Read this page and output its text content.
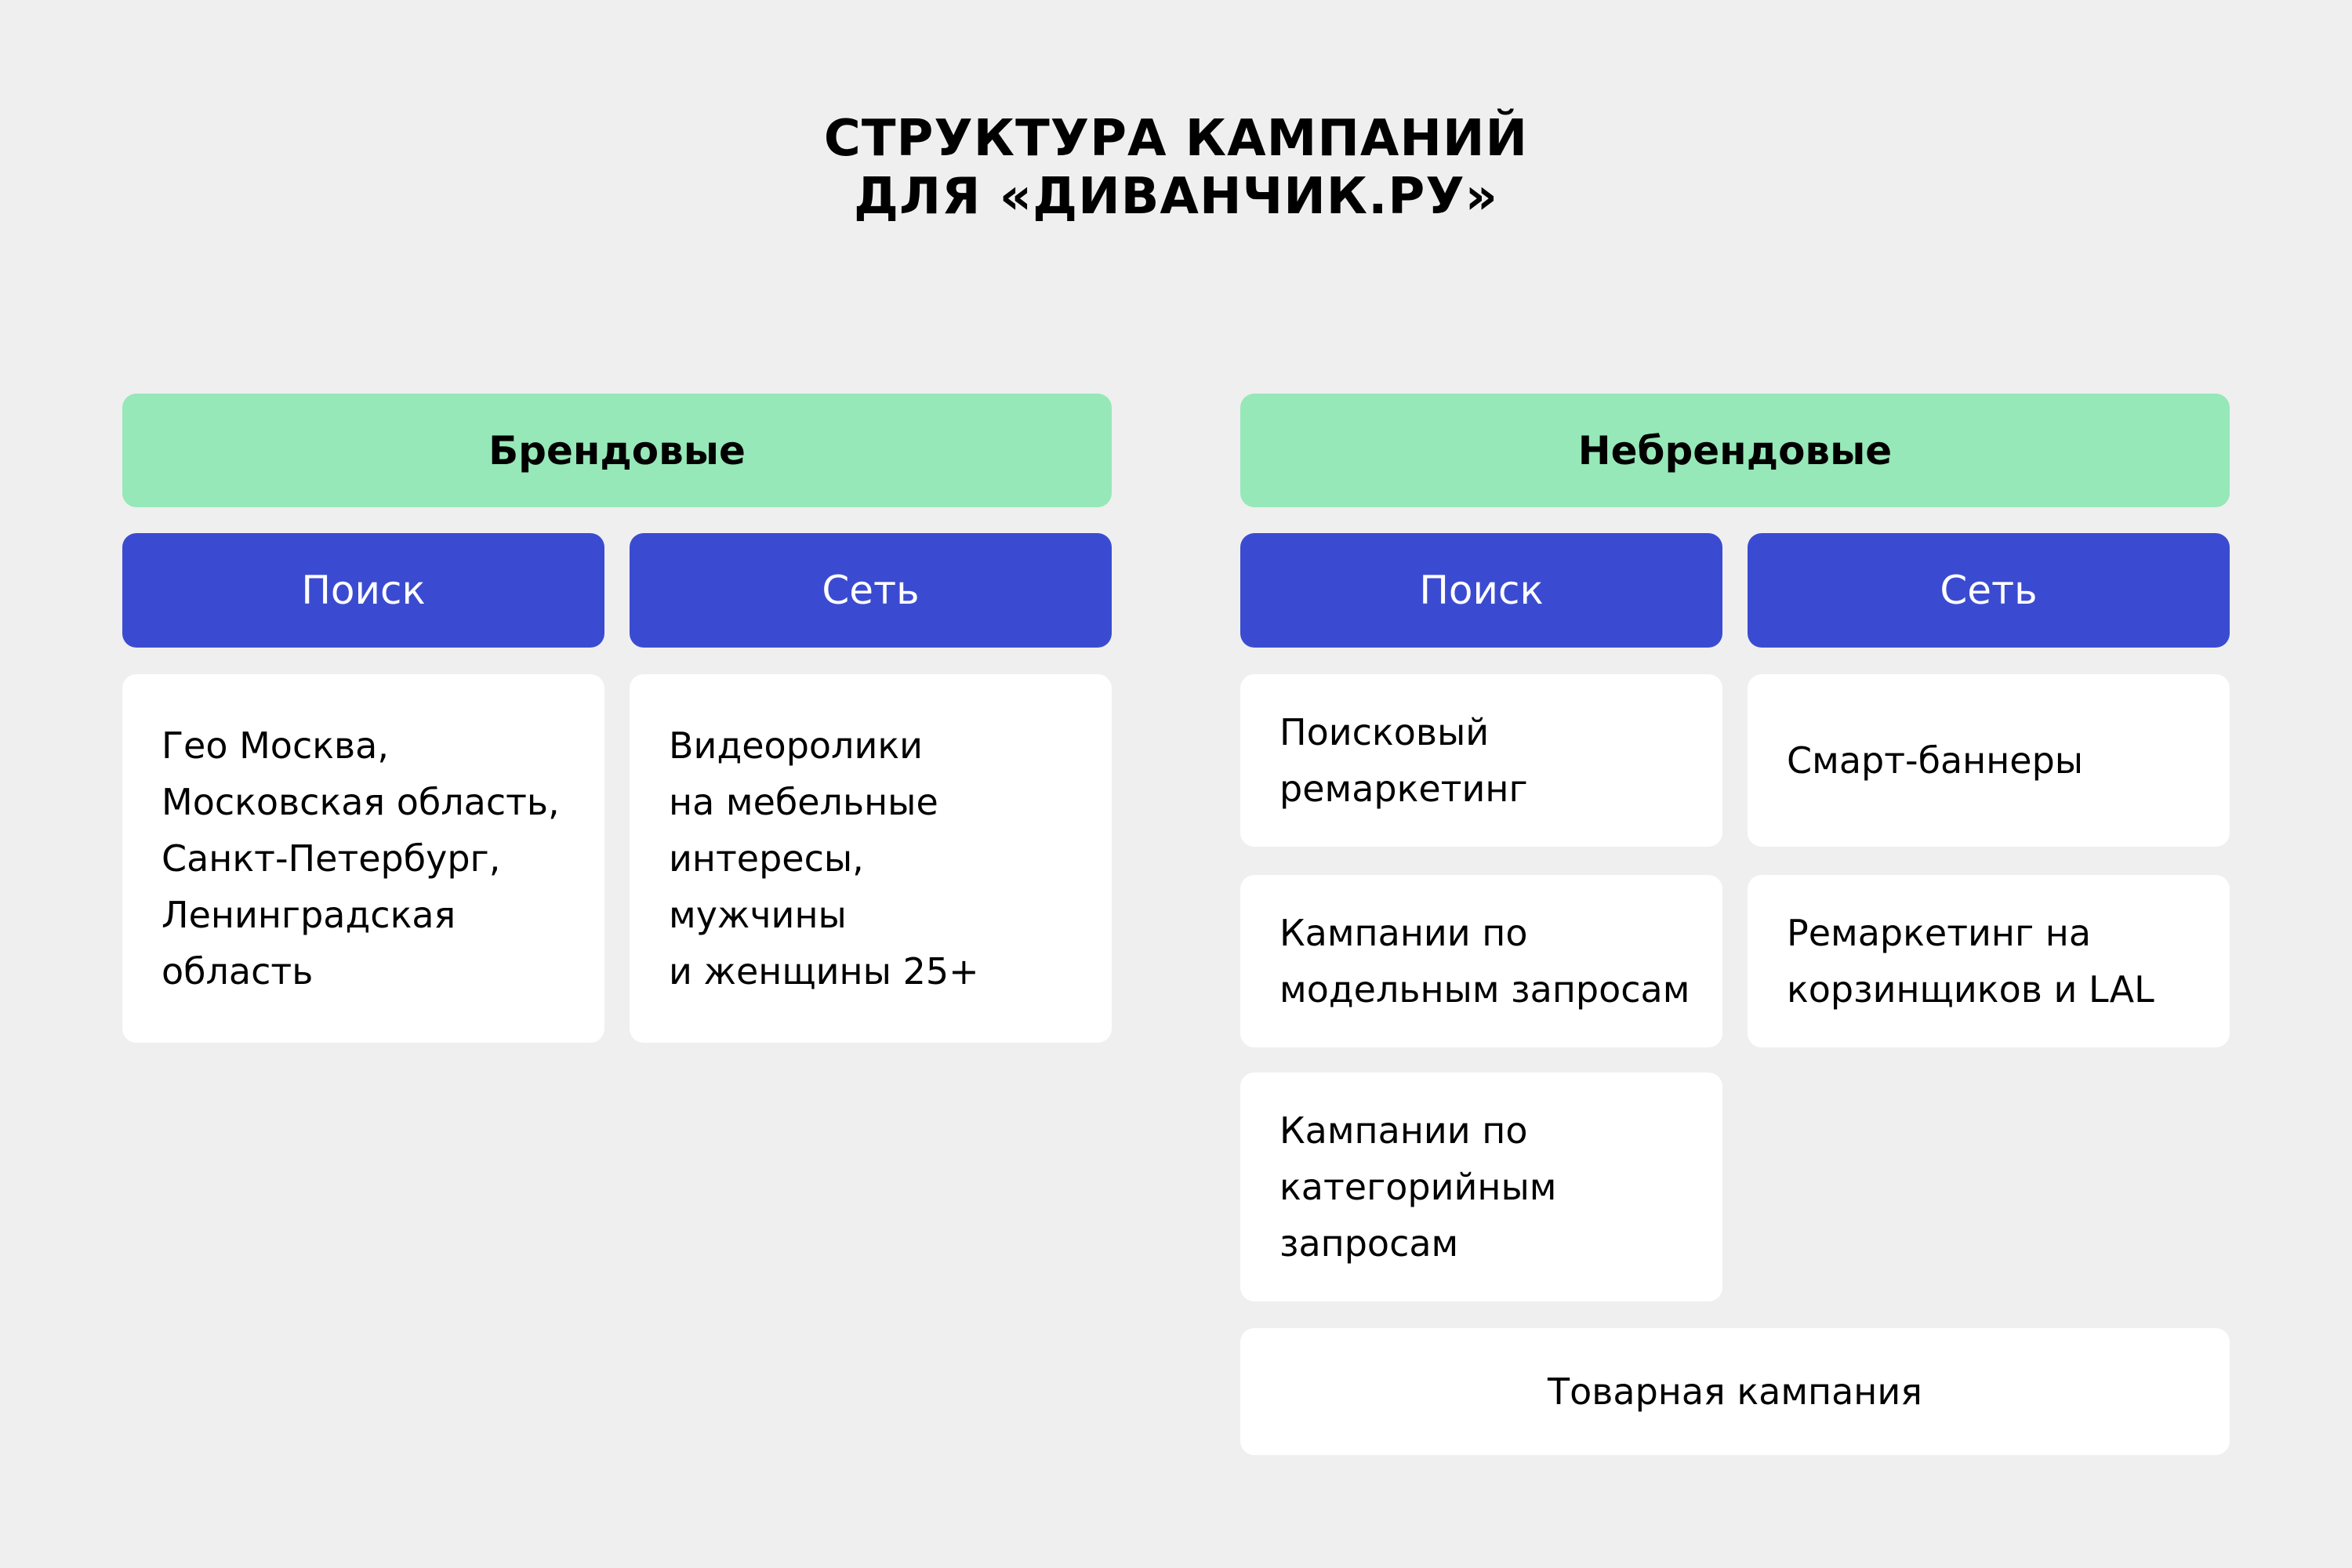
СТРУКТУРА КАМПАНИЙ
ДЛЯ «ДИВАНЧИК.РУ»
Брендовые
Поиск	Сеть
Гео Москва,
Московская область,
Санкт-Петербург,
Ленинградская
область
Видеоролики
на мебельные
интересы,
мужчины
и женщины 25+
Небрендовые
Поиск	Сеть
Поисковый
ремаркетинг
Кампании по
модельным запросам
Кампании по
категорийным
запросам
Смарт-баннеры
Ремаркетинг на
корзинщиков и LAL
Товарная кампания
